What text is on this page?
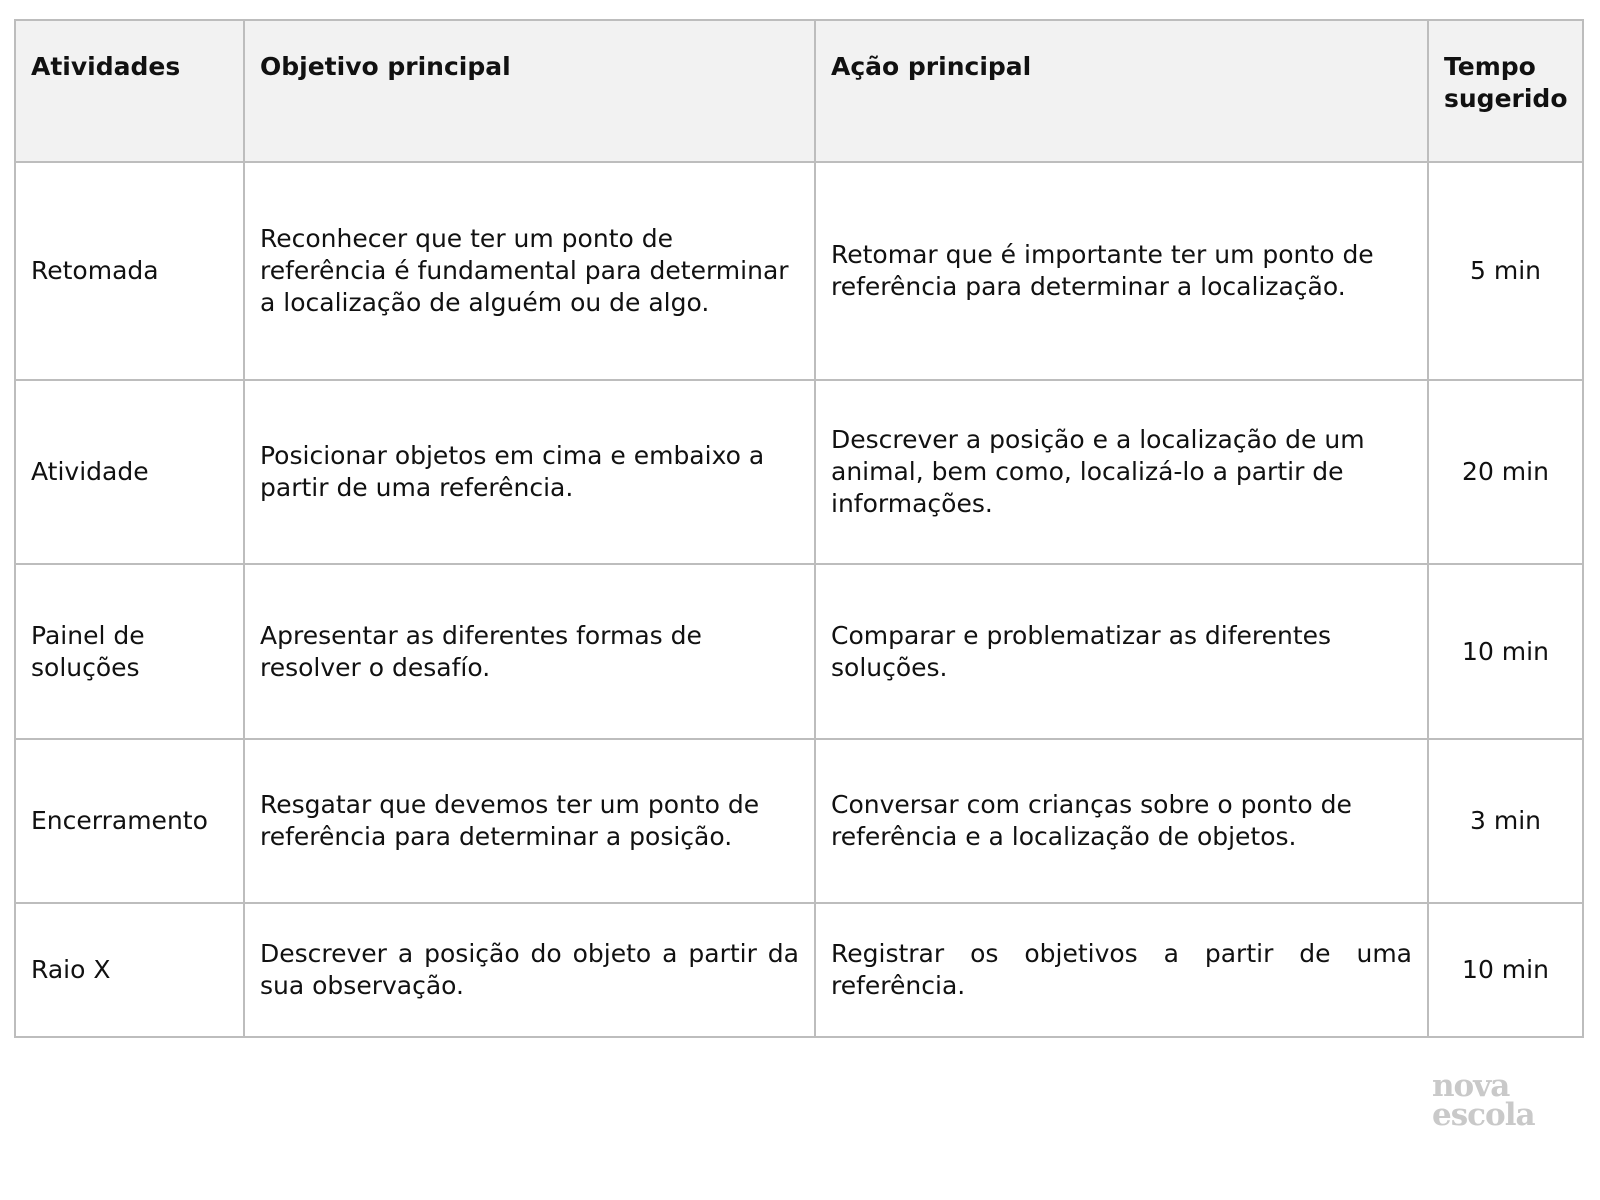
Atividades	Objetivo principal	Ação principal	Tempo sugerido
Retomada	Reconhecer que ter um ponto de referência é fundamental para determinar a localização de alguém ou de algo.	Retomar que é importante ter um ponto de referência para determinar a localização.	5 min
Atividade	Posicionar objetos em cima e embaixo a partir de uma referência.	Descrever a posição e a localização de um animal, bem como, localizá-lo a partir de informações.	20 min
Painel de soluções	Apresentar as diferentes formas de resolver o desafío.	Comparar e problematizar as diferentes soluções.	10 min
Encerramento	Resgatar que devemos ter um ponto de referência para determinar a posição.	Conversar com crianças sobre o ponto de referência e a localização de objetos.	3 min
Raio X	Descrever a posição do objeto a partir da sua observação.	Registrar os objetivos a partir de uma referência.	10 min
nova
escola
